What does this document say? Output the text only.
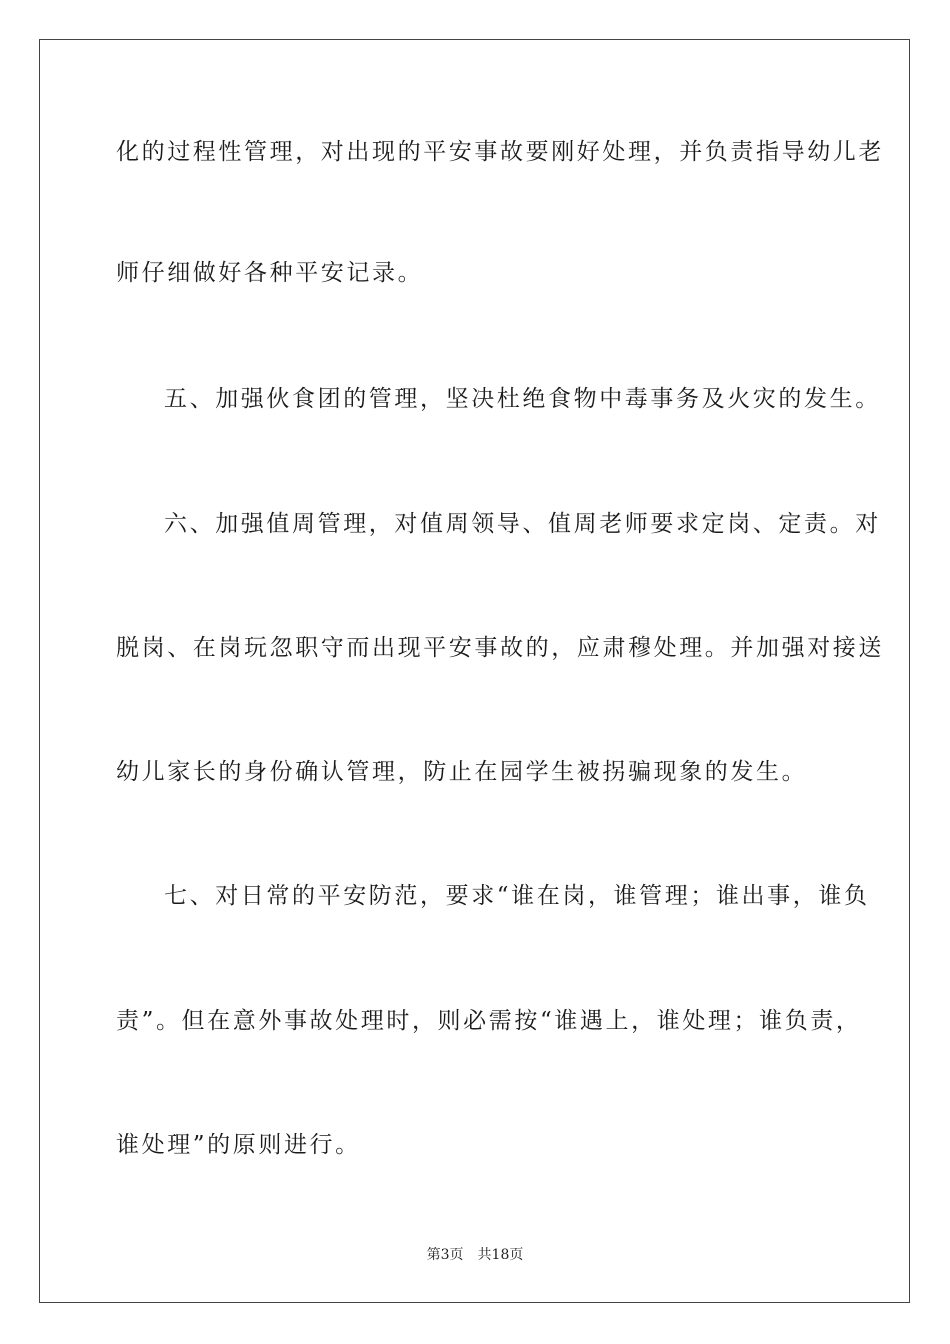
化的过程性管理，对出现的平安事故要刚好处理，并负责指导幼儿老
师仔细做好各种平安记录。
五、加强伙食团的管理，坚决杜绝食物中毒事务及火灾的发生。
六、加强值周管理，对值周领导、值周老师要求定岗、定责。对
脱岗、在岗玩忽职守而出现平安事故的，应肃穆处理。并加强对接送
幼儿家长的身份确认管理，防止在园学生被拐骗现象的发生。
七、对日常的平安防范，要求“谁在岗，谁管理；谁出事，谁负
责”。但在意外事故处理时，则必需按“谁遇上，谁处理；谁负责，
谁处理”的原则进行。
第3页 共18页
